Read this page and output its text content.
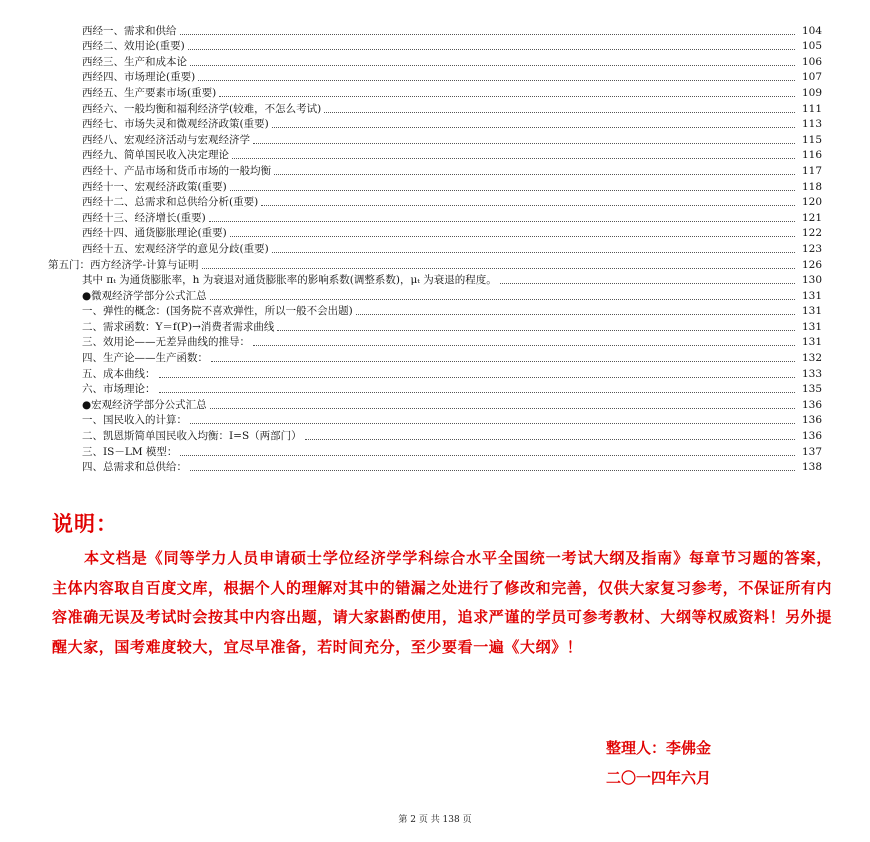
西经一、需求和供给	104
西经二、效用论(重要)	105
西经三、生产和成本论	106
西经四、市场理论(重要)	107
西经五、生产要素市场(重要)	109
西经六、一般均衡和福利经济学(较难，不怎么考试)	111
西经七、市场失灵和微观经济政策(重要)	113
西经八、宏观经济活动与宏观经济学	115
西经九、简单国民收入决定理论	116
西经十、产品市场和货币市场的一般均衡	117
西经十一、宏观经济政策(重要)	118
西经十二、总需求和总供给分析(重要)	120
西经十三、经济增长(重要)	121
西经十四、通货膨胀理论(重要)	122
西经十五、宏观经济学的意见分歧(重要)	123
第五门：西方经济学-计算与证明	126
其中 πₜ 为通货膨胀率，h 为衰退对通货膨胀率的影响系数(调整系数)，μₜ 为衰退的程度。	130
●微观经济学部分公式汇总	131
一、弹性的概念：(国务院不喜欢弹性，所以一般不会出题)	131
二、需求函数：Y＝f(P)→消费者需求曲线	131
三、效用论——无差异曲线的推导：	131
四、生产论——生产函数：	132
五、成本曲线：	133
六、市场理论：	135
●宏观经济学部分公式汇总	136
一、国民收入的计算：	136
二、凯恩斯简单国民收入均衡：I=S（两部门）	136
三、IS－LM 模型：	137
四、总需求和总供给：	138
说明：
本文档是《同等学力人员申请硕士学位经济学学科综合水平全国统一考试大纲及指南》每章节习题的答案，主体内容取自百度文库，根据个人的理解对其中的错漏之处进行了修改和完善，仅供大家复习参考，不保证所有内容准确无误及考试时会按其中内容出题，请大家斟酌使用，追求严谨的学员可参考教材、大纲等权威资料！另外提醒大家，国考难度较大，宜尽早准备，若时间充分，至少要看一遍《大纲》！
整理人：李佛金
二〇一四年六月
第 2 页 共 138 页
